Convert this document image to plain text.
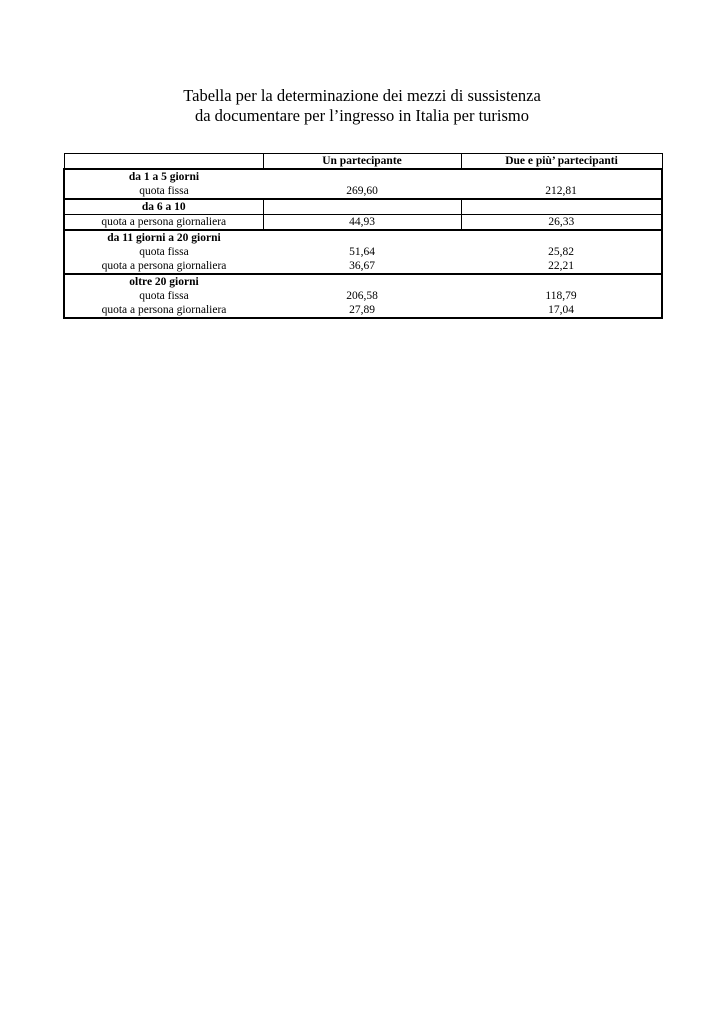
Tabella per la determinazione dei mezzi di sussistenza
da documentare per l’ingresso in Italia per turismo
	Un partecipante	Due e più’ partecipanti
da 1 a 5 giorni		
quota fissa	269,60	212,81
da 6 a 10		
quota a persona giornaliera	44,93	26,33
da 11 giorni a 20 giorni		
quota fissa	51,64	25,82
quota a persona giornaliera	36,67	22,21
oltre 20 giorni		
quota fissa	206,58	118,79
quota a persona giornaliera	27,89	17,04
